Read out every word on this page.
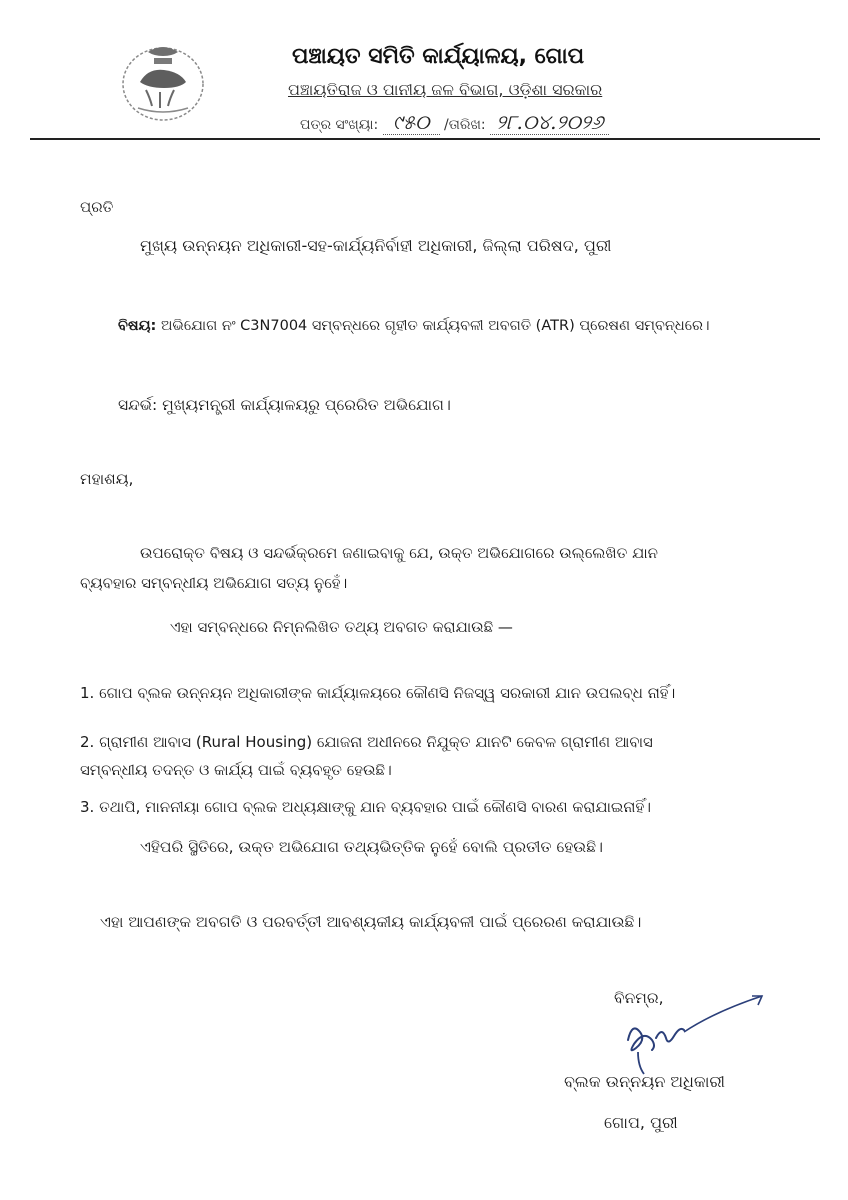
ପଞ୍ଚାୟତ ସମିତି କାର୍ଯ୍ୟାଳୟ, ଗୋପ
ପଞ୍ଚାୟତିରାଜ ଓ ପାନୀୟ ଜଳ ବିଭାଗ, ଓଡ଼ିଶା ସରକାର
ପତ୍ର ସଂଖ୍ୟା: ୯୫୦ /ତାରିଖ: ୨୮.୦୪.୨୦୨୬
ପ୍ରତି
ମୁଖ୍ୟ ଉନ୍ନୟନ ଅଧିକାରୀ-ସହ-କାର୍ଯ୍ୟନିର୍ବାହୀ ଅଧିକାରୀ, ଜିଲ୍ଲା ପରିଷଦ, ପୁରୀ
ବିଷୟ: ଅଭିଯୋଗ ନଂ C3N7004 ସମ୍ବନ୍ଧରେ ଗୃହୀତ କାର୍ଯ୍ୟବଳୀ ଅବଗତି (ATR) ପ୍ରେଷଣ ସମ୍ବନ୍ଧରେ।
ସନ୍ଦର୍ଭ: ମୁଖ୍ୟମନ୍ତ୍ରୀ କାର୍ଯ୍ୟାଳୟରୁ ପ୍ରେରିତ ଅଭିଯୋଗ।
ମହାଶୟ,
ଉପରୋକ୍ତ ବିଷୟ ଓ ସନ୍ଦର୍ଭକ୍ରମେ ଜଣାଇବାକୁ ଯେ, ଉକ୍ତ ଅଭିଯୋଗରେ ଉଲ୍ଲେଖିତ ଯାନ
ବ୍ୟବହାର ସମ୍ବନ୍ଧୀୟ ଅଭିଯୋଗ ସତ୍ୟ ନୁହେଁ।
ଏହା ସମ୍ବନ୍ଧରେ ନିମ୍ନଲିଖିତ ତଥ୍ୟ ଅବଗତ କରାଯାଉଛି —
1. ଗୋପ ବ୍ଲକ ଉନ୍ନୟନ ଅଧିକାରୀଙ୍କ କାର୍ଯ୍ୟାଳୟରେ କୌଣସି ନିଜସ୍ୱ ସରକାରୀ ଯାନ ଉପଲବ୍ଧ ନାହିଁ।
2. ଗ୍ରାମୀଣ ଆବାସ (Rural Housing) ଯୋଜନା ଅଧୀନରେ ନିଯୁକ୍ତ ଯାନଟି କେବଳ ଗ୍ରାମୀଣ ଆବାସ
ସମ୍ବନ୍ଧୀୟ ତଦନ୍ତ ଓ କାର୍ଯ୍ୟ ପାଇଁ ବ୍ୟବହୃତ ହେଉଛି।
3. ତଥାପି, ମାନନୀୟା ଗୋପ ବ୍ଲକ ଅଧ୍ୟକ୍ଷାଙ୍କୁ ଯାନ ବ୍ୟବହାର ପାଇଁ କୌଣସି ବାରଣ କରାଯାଇନାହିଁ।
ଏହିପରି ସ୍ଥିତିରେ, ଉକ୍ତ ଅଭିଯୋଗ ତଥ୍ୟଭିତ୍ତିକ ନୁହେଁ ବୋଲି ପ୍ରତୀତ ହେଉଛି।
ଏହା ଆପଣଙ୍କ ଅବଗତି ଓ ପରବର୍ତ୍ତୀ ଆବଶ୍ୟକୀୟ କାର୍ଯ୍ୟବଳୀ ପାଇଁ ପ୍ରେରଣ କରାଯାଉଛି।
ବିନମ୍ର,
ବ୍ଲକ ଉନ୍ନୟନ ଅଧିକାରୀ
ଗୋପ, ପୁରୀ
